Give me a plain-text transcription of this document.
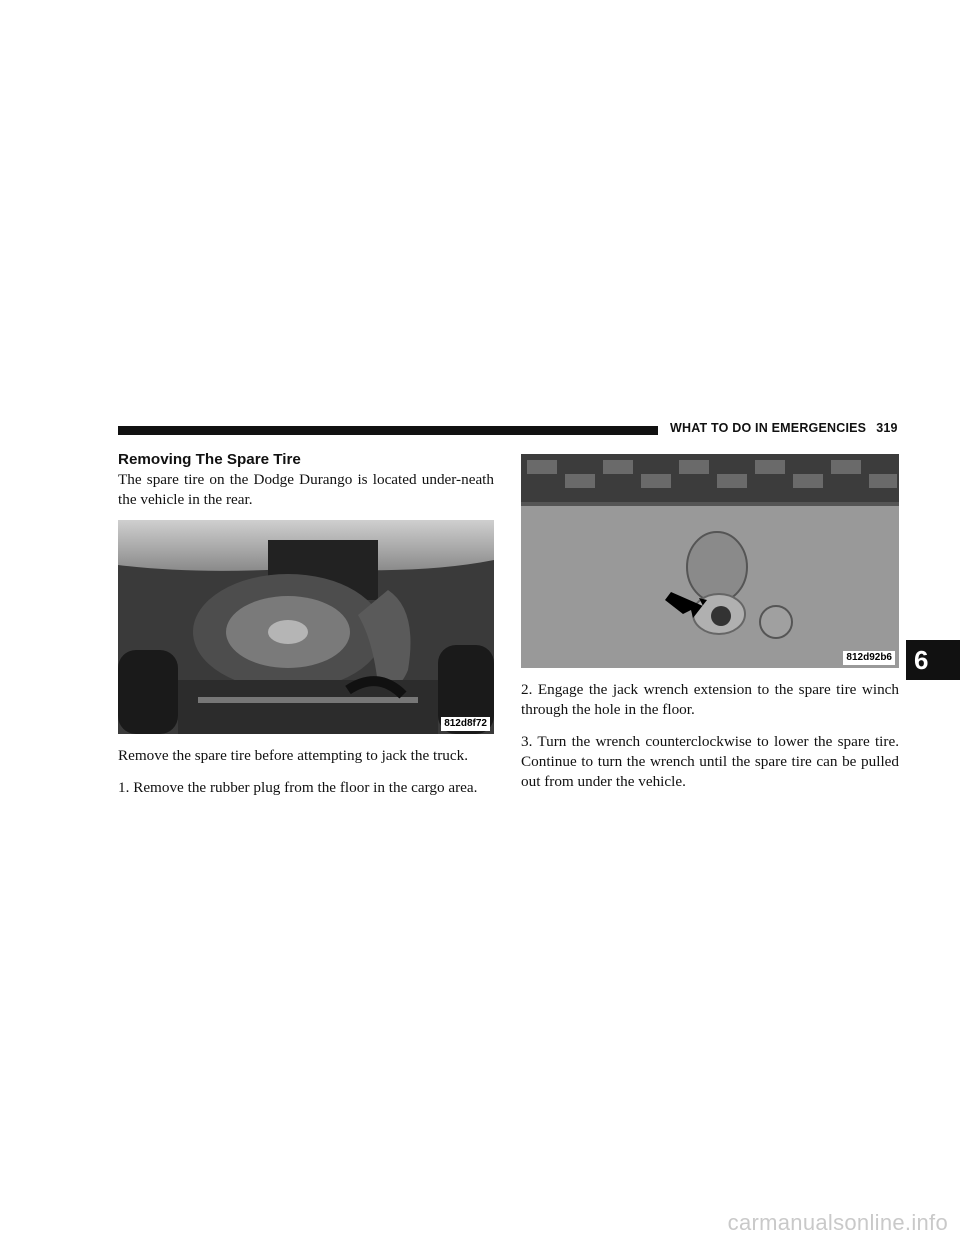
WHAT TO DO IN EMERGENCIES 319
Removing The Spare Tire

The spare tire on the Dodge Durango is located under-neath the vehicle in the rear.

812d8f72

Remove the spare tire before attempting to jack the truck.

1. Remove the rubber plug from the floor in the cargo area.

812d92b6

2. Engage the jack wrench extension to the spare tire winch through the hole in the floor.

3. Turn the wrench counterclockwise to lower the spare tire. Continue to turn the wrench until the spare tire can be pulled out from under the vehicle.

6
carmanualsonline.info
